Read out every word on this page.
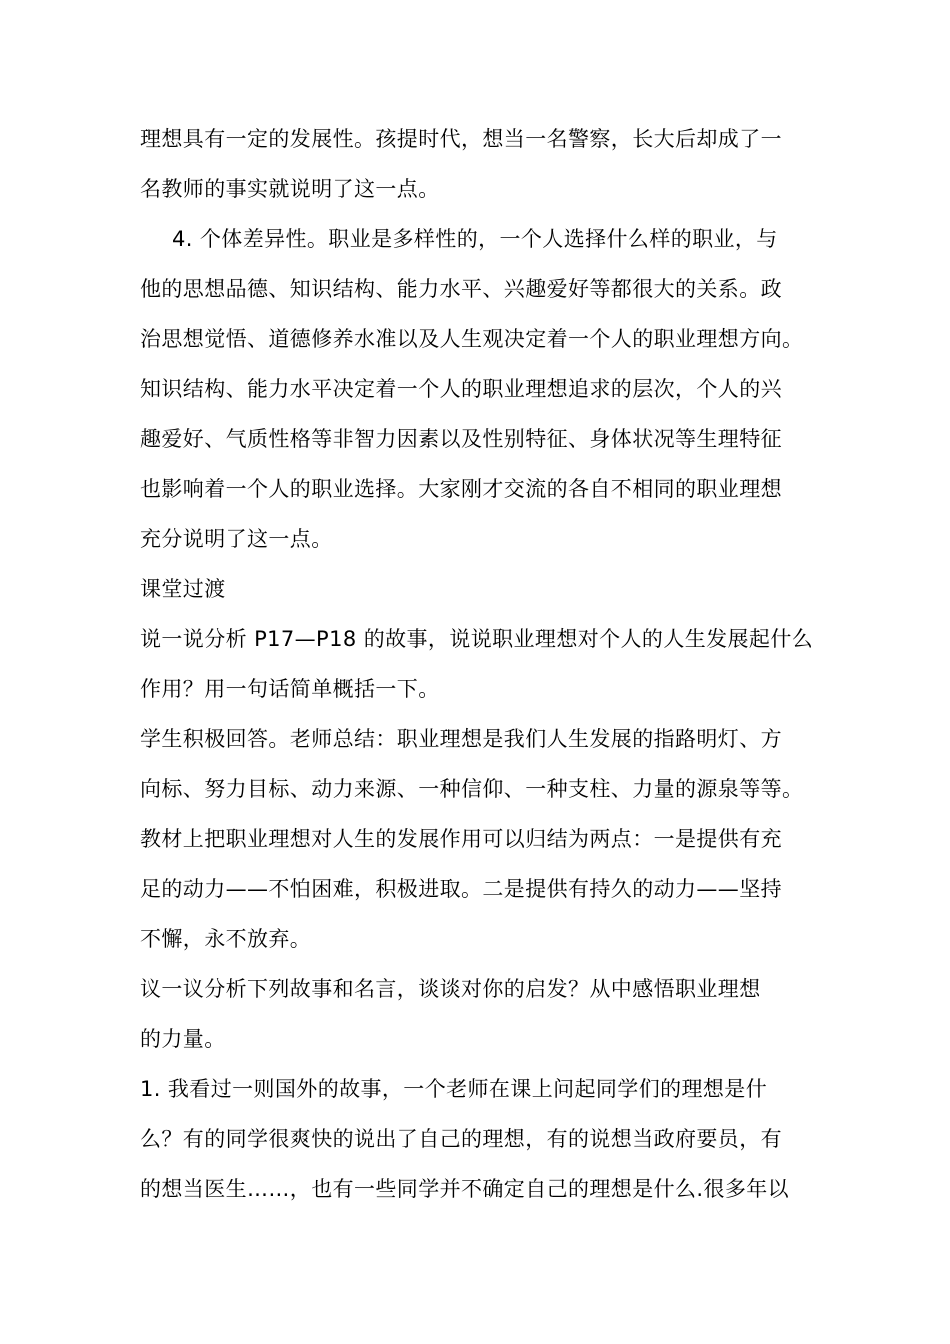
理想具有一定的发展性。孩提时代，想当一名警察，长大后却成了一
名教师的事实就说明了这一点。
4. 个体差异性。职业是多样性的，一个人选择什么样的职业，与
他的思想品德、知识结构、能力水平、兴趣爱好等都很大的关系。政
治思想觉悟、道德修养水准以及人生观决定着一个人的职业理想方向。
知识结构、能力水平决定着一个人的职业理想追求的层次，个人的兴
趣爱好、气质性格等非智力因素以及性别特征、身体状况等生理特征
也影响着一个人的职业选择。大家刚才交流的各自不相同的职业理想
充分说明了这一点。
课堂过渡
说一说分析 P17—P18 的故事，说说职业理想对个人的人生发展起什么
作用？用一句话简单概括一下。
学生积极回答。老师总结：职业理想是我们人生发展的指路明灯、方
向标、努力目标、动力来源、一种信仰、一种支柱、力量的源泉等等。
教材上把职业理想对人生的发展作用可以归结为两点：一是提供有充
足的动力——不怕困难，积极进取。二是提供有持久的动力——坚持
不懈，永不放弃。
议一议分析下列故事和名言，谈谈对你的启发？从中感悟职业理想
的力量。
1. 我看过一则国外的故事，一个老师在课上问起同学们的理想是什
么？有的同学很爽快的说出了自己的理想，有的说想当政府要员，有
的想当医生……，也有一些同学并不确定自己的理想是什么.很多年以
